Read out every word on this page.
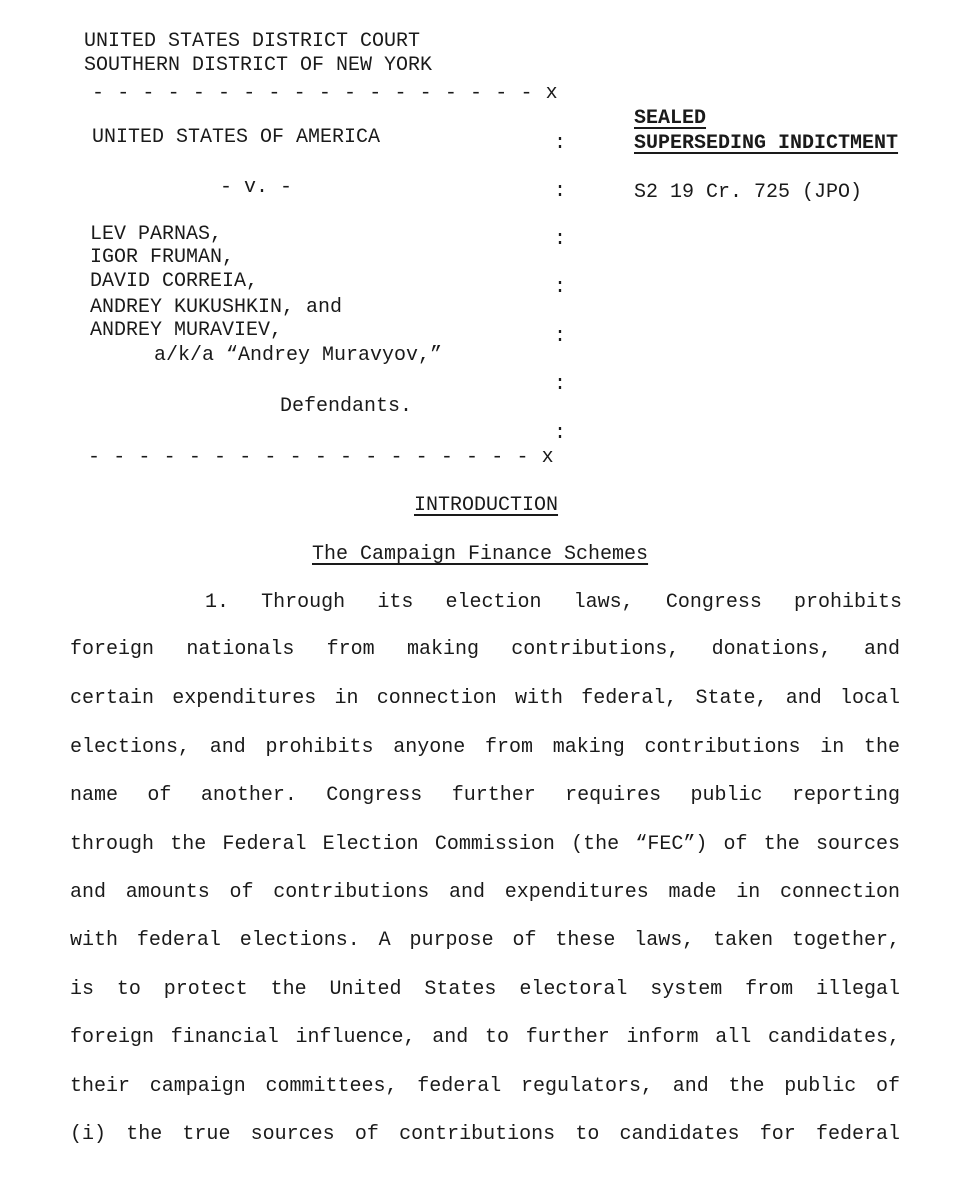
UNITED STATES DISTRICT COURT
SOUTHERN DISTRICT OF NEW YORK
- - - - - - - - - - - - - - - - - - x
UNITED STATES OF AMERICA	:
- v. -	:
LEV PARNAS,	:
IGOR FRUMAN,
DAVID CORREIA,	:
ANDREY KUKUSHKIN, and
ANDREY MURAVIEV,	:
a/k/a “Andrey Muravyov,”
:
Defendants.
:
- - - - - - - - - - - - - - - - - - x
SEALED
SUPERSEDING INDICTMENT
S2 19 Cr. 725 (JPO)
INTRODUCTION
The Campaign Finance Schemes
1. Through its election laws, Congress prohibits
foreign nationals from making contributions, donations, and
certain expenditures in connection with federal, State, and local
elections, and prohibits anyone from making contributions in the
name of another. Congress further requires public reporting
through the Federal Election Commission (the “FEC”) of the sources
and amounts of contributions and expenditures made in connection
with federal elections. A purpose of these laws, taken together,
is to protect the United States electoral system from illegal
foreign financial influence, and to further inform all candidates,
their campaign committees, federal regulators, and the public of
(i) the true sources of contributions to candidates for federal
